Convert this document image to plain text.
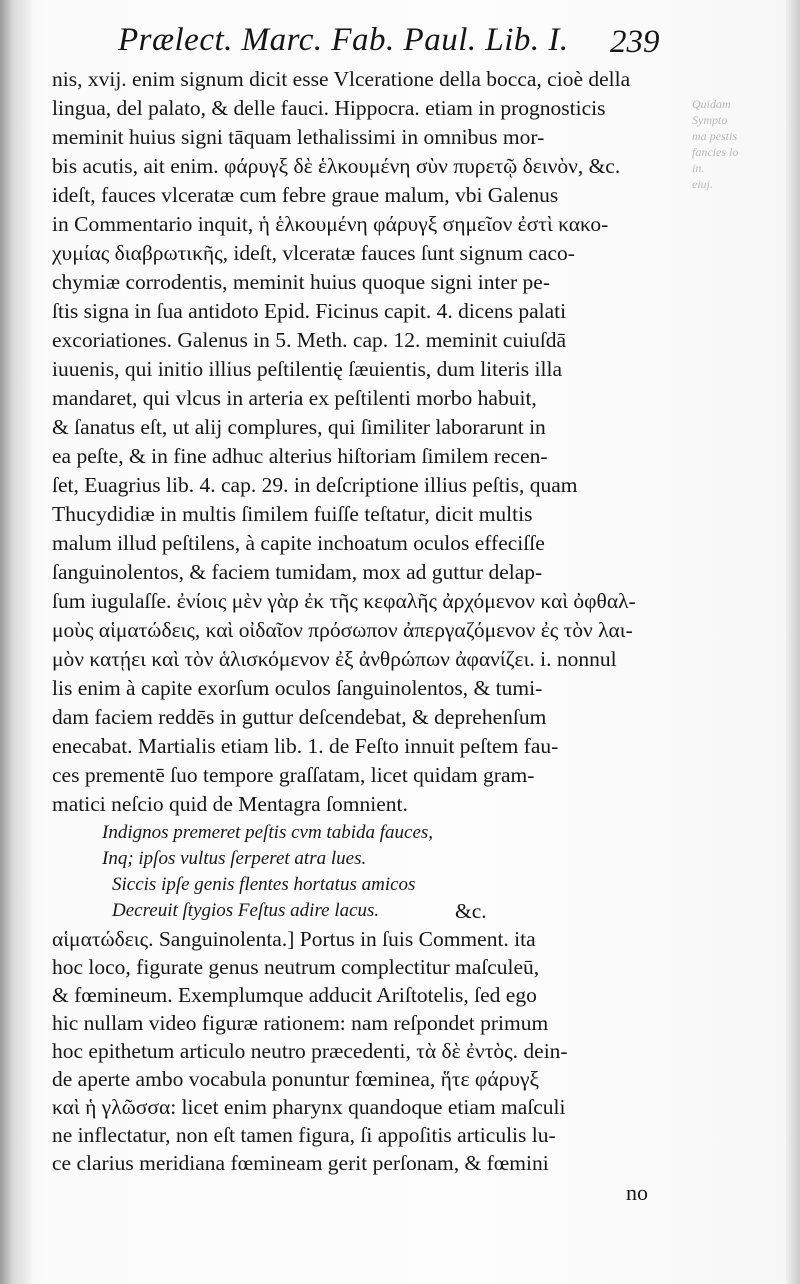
Prælect. Marc. Fab. Paul. Lib. I.	239
Quidam
Sympto
ma pestis
fancies lo
in.
eiuj.
nis, xvij. enim signum dicit esse Vlceratione della bocca, cioè della
lingua, del palato, & delle fauci. Hippocra. etiam in prognosticis
meminit huius signi tāquam lethalissimi in omnibus mor-
bis acutis, ait enim. φάρυγξ δὲ ἑλκουμένη σὺν πυρετῷ δεινὸν, &c.
ideſt, fauces vlceratæ cum febre graue malum, vbi Galenus
in Commentario inquit, ἡ ἑλκουμένη φάρυγξ σημεῖον ἐστὶ κακο-
χυμίας διαβρωτικῆς, ideſt, vlceratæ fauces ſunt signum caco-
chymiæ corrodentis, meminit huius quoque signi inter pe-
ſtis signa in ſua antidoto Epid. Ficinus capit. 4. dicens palati
excoriationes. Galenus in 5. Meth. cap. 12. meminit cuiuſdā
iuuenis, qui initio illius peſtilentię ſæuientis, dum literis illa
mandaret, qui vlcus in arteria ex peſtilenti morbo habuit,
& ſanatus eſt, ut alij complures, qui ſimiliter laborarunt in
ea peſte, & in fine adhuc alterius hiſtoriam ſimilem recen-
ſet, Euagrius lib. 4. cap. 29. in deſcriptione illius peſtis, quam
Thucydidiæ in multis ſimilem fuiſſe teſtatur, dicit multis
malum illud peſtilens, à capite inchoatum oculos effeciſſe
ſanguinolentos, & faciem tumidam, mox ad guttur delap-
ſum iugulaſſe. ἐνίοις μὲν γὰρ ἐκ τῆς κεφαλῆς ἀρχόμενον καὶ ὀφθαλ-
μοὺς αἱματώδεις, καὶ οἰδαῖον πρόσωπον ἀπεργαζόμενον ἐς τὸν λαι-
μὸν κατῄει καὶ τὸν ἁλισκόμενον ἐξ ἀνθρώπων ἀφανίζει. i. nonnul
lis enim à capite exorſum oculos ſanguinolentos, & tumi-
dam faciem reddēs in guttur deſcendebat, & deprehenſum
enecabat. Martialis etiam lib. 1. de Feſto innuit peſtem fau-
ces prementē ſuo tempore graſſatam, licet quidam gram-
matici neſcio quid de Mentagra ſomnient.
Indignos premeret peſtis cvm tabida fauces,
Inq; ipſos vultus ſerperet atra lues.
Siccis ipſe genis flentes hortatus amicos
Decreuit ſtygios Feſtus adire lacus.	&c.
αἱματώδεις. Sanguinolenta.] Portus in ſuis Comment. ita
hoc loco, figurate genus neutrum complectitur maſculeū,
& fœmineum. Exemplumque adducit Ariſtotelis, ſed ego
hic nullam video figuræ rationem: nam reſpondet primum
hoc epithetum articulo neutro præcedenti, τὰ δὲ ἐντὸς. dein-
de aperte ambo vocabula ponuntur fœminea, ἥτε φάρυγξ
καὶ ἡ γλῶσσα: licet enim pharynx quandoque etiam maſculi
ne inflectatur, non eſt tamen figura, ſi appoſitis articulis lu-
ce clarius meridiana fœmineam gerit perſonam, & fœmini
no
